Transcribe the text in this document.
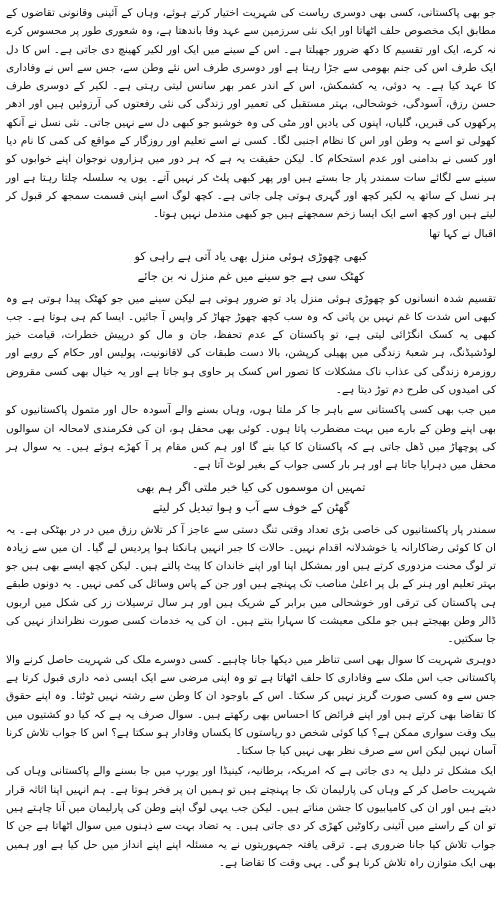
جو بھی پاکستانی، کسی بھی دوسری ریاست کی شہریت اختیار کرتے ہوئے، وہاں کے آئینی وقانونی تقاضوں کے مطابق ایک مخصوص حلف اٹھاتا اور ایک نئی سرزمین سے عہد وفا باندھتا ہے، وہ شعوری طور پر محسوس کرے نہ کرے، ایک اور تقسیم کا دکھ ضرور جھیلتا ہے۔ اس کے سینے میں ایک اور لکیر کھینچ دی جاتی ہے۔ اس کا دل ایک طرف اس کی جنم بھومی سے جڑا رہتا ہے اور دوسری طرف اس نئے وطن سے، جس سے اس نے وفاداری کا عہد کیا ہے۔ یہ دوئی، یہ کشمکش، اس کے اندر عمر بھر سانس لیتی رہتی ہے۔ لکیر کے دوسری طرف حسن رزق، آسودگی، خوشحالی، بہتر مستقبل کی تعمیر اور زندگی کی نئی رفعتوں کی آرزوئیں ہیں اور ادھر پرکھوں کی قبریں، گلیاں، اپنوں کی یادیں اور مٹی کی وہ خوشبو جو کبھی دل سے نہیں جاتی۔ نئی نسل نے آنکھ کھولی تو اسے یہ وطن اور اس کا نظام اجنبی لگا۔ کسی نے اسے تعلیم اور روزگار کے مواقع کی کمی کا نام دیا اور کسی نے بدامنی اور عدم استحکام کا۔ لیکن حقیقت یہ ہے کہ ہر دور میں ہزاروں نوجوان اپنے خوابوں کو سینے سے لگائے سات سمندر پار جا بستے ہیں اور پھر کبھی پلٹ کر نہیں آتے۔ یوں یہ سلسلہ چلتا رہتا ہے اور ہر نسل کے ساتھ یہ لکیر کچھ اور گہری ہوتی چلی جاتی ہے۔ کچھ لوگ اسے اپنی قسمت سمجھ کر قبول کر لیتے ہیں اور کچھ اسے ایک ایسا زخم سمجھتے ہیں جو کبھی مندمل نہیں ہوتا۔

اقبال نے کہا تھا

کبھی چھوڑی ہوئی منزل بھی یاد آتی ہے راہی کو
کھٹک سی ہے جو سینے میں غم منزل نہ بن جائے

تقسیم شدہ انسانوں کو چھوڑی ہوئی منزل یاد تو ضرور ہوتی ہے لیکن سینے میں جو کھٹک پیدا ہوتی ہے وہ کبھی اس شدت کا غم نہیں بن پاتی کہ وہ سب کچھ چھوڑ چھاڑ کر واپس آ جائیں۔ ایسا کم ہی ہوتا ہے۔ جب کبھی یہ کسک انگڑائی لیتی ہے، تو پاکستان کے عدم تحفظ، جان و مال کو درپیش خطرات، قیامت خیز لوڈشیڈنگ، ہر شعبۂ زندگی میں پھیلی کرپشن، بالا دست طبقات کی لاقانونیت، پولیس اور حکام کے رویے اور روزمرہ زندگی کی عذاب ناک مشکلات کا تصور اس کسک پر حاوی ہو جاتا ہے اور یہ خیال بھی کسی مقروض کی امیدوں کی طرح دم توڑ دیتا ہے۔

میں جب بھی کسی پاکستانی سے باہر جا کر ملتا ہوں، وہاں بسنے والے آسودہ حال اور متمول پاکستانیوں کو بھی اپنے وطن کے بارے میں بہت مضطرب پاتا ہوں۔ کوئی بھی محفل ہو، ان کی فکرمندی لامحالہ ان سوالوں کی پوچھاڑ میں ڈھل جاتی ہے کہ پاکستان کا کیا بنے گا اور ہم کس مقام پر آ کھڑے ہوئے ہیں۔ یہ سوال ہر محفل میں دہرایا جاتا ہے اور ہر بار کسی جواب کے بغیر لوٹ آتا ہے۔

تمہیں ان موسموں کی کیا خبر ملتی اگر ہم بھی
گھٹن کے خوف سے آب و ہوا تبدیل کر لیتے

سمندر پار پاکستانیوں کی خاصی بڑی تعداد وقتی تنگ دستی سے عاجز آ کر تلاش رزق میں در در بھٹکی ہے۔ یہ ان کا کوئی رضاکارانہ یا خوشدلانہ اقدام نہیں۔ حالات کا جبر انہیں ہانکتا ہوا پردیس لے گیا۔ ان میں سے زیادہ تر لوگ محنت مزدوری کرتے ہیں اور بمشکل اپنا اور اپنے خاندان کا پیٹ پالتے ہیں۔ لیکن کچھ ایسے بھی ہیں جو بہتر تعلیم اور ہنر کے بل پر اعلیٰ مناصب تک پہنچے ہیں اور جن کے پاس وسائل کی کمی نہیں۔ یہ دونوں طبقے ہی پاکستان کی ترقی اور خوشحالی میں برابر کے شریک ہیں اور ہر سال ترسیلات زر کی شکل میں اربوں ڈالر وطن بھیجتے ہیں جو ملکی معیشت کا سہارا بنتے ہیں۔ ان کی یہ خدمات کسی صورت نظرانداز نہیں کی جا سکتیں۔

دوہری شہریت کا سوال بھی اسی تناظر میں دیکھا جانا چاہیے۔ کسی دوسرے ملک کی شہریت حاصل کرنے والا پاکستانی جب اس ملک سے وفاداری کا حلف اٹھاتا ہے تو وہ اپنی مرضی سے ایک ایسی ذمہ داری قبول کرتا ہے جس سے وہ کسی صورت گریز نہیں کر سکتا۔ اس کے باوجود ان کا وطن سے رشتہ نہیں ٹوٹتا۔ وہ اپنے حقوق کا تقاضا بھی کرتے ہیں اور اپنے فرائض کا احساس بھی رکھتے ہیں۔ سوال صرف یہ ہے کہ کیا دو کشتیوں میں بیک وقت سواری ممکن ہے؟ کیا کوئی شخص دو ریاستوں کا یکساں وفادار ہو سکتا ہے؟ اس کا جواب تلاش کرنا آسان نہیں لیکن اس سے صرف نظر بھی نہیں کیا جا سکتا۔

ایک مشکل تر دلیل یہ دی جاتی ہے کہ امریکہ، برطانیہ، کینیڈا اور یورپ میں جا بسنے والے پاکستانی وہاں کی شہریت حاصل کر کے وہاں کی پارلیمان تک جا پہنچتے ہیں تو ہمیں ان پر فخر ہوتا ہے۔ ہم انہیں اپنا اثاثہ قرار دیتے ہیں اور ان کی کامیابیوں کا جشن مناتے ہیں۔ لیکن جب یہی لوگ اپنے وطن کی پارلیمان میں آنا چاہتے ہیں تو ان کے راستے میں آئینی رکاوٹیں کھڑی کر دی جاتی ہیں۔ یہ تضاد بہت سے ذہنوں میں سوال اٹھاتا ہے جن کا جواب تلاش کیا جانا ضروری ہے۔ ترقی یافتہ جمہوریتوں نے یہ مسئلہ اپنے اپنے انداز میں حل کیا ہے اور ہمیں بھی ایک متوازن راہ تلاش کرنا ہو گی۔ یہی وقت کا تقاضا ہے۔
